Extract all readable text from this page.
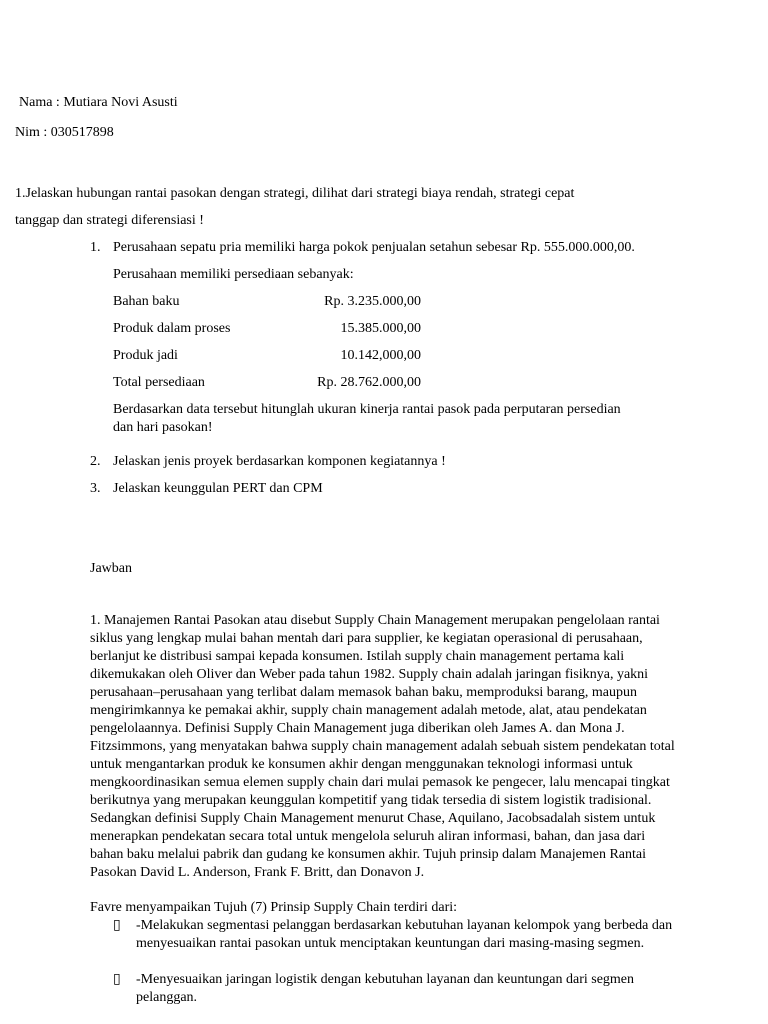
Nama : Mutiara Novi Asusti
Nim : 030517898
1.Jelaskan hubungan rantai pasokan dengan strategi, dilihat dari strategi biaya rendah, strategi cepat
tanggap dan strategi diferensiasi !
1. Perusahaan sepatu pria memiliki harga pokok penjualan setahun sebesar Rp. 555.000.000,00.
Perusahaan memiliki persediaan sebanyak:
Bahan baku	Rp. 3.235.000,00
Produk dalam proses	15.385.000,00
Produk jadi	10.142,000,00
Total persediaan	Rp. 28.762.000,00
Berdasarkan data tersebut hitunglah ukuran kinerja rantai pasok pada perputaran persedian
dan hari pasokan!
2. Jelaskan jenis proyek berdasarkan komponen kegiatannya !
3. Jelaskan keunggulan PERT dan CPM
Jawban
1. Manajemen Rantai Pasokan atau disebut Supply Chain Management merupakan pengelolaan rantai siklus yang lengkap mulai bahan mentah dari para supplier, ke kegiatan operasional di perusahaan, berlanjut ke distribusi sampai kepada konsumen. Istilah supply chain management pertama kali dikemukakan oleh Oliver dan Weber pada tahun 1982. Supply chain adalah jaringan fisiknya, yakni perusahaan–perusahaan yang terlibat dalam memasok bahan baku, memproduksi barang, maupun mengirimkannya ke pemakai akhir, supply chain management adalah metode, alat, atau pendekatan pengelolaannya. Definisi Supply Chain Management juga diberikan oleh James A. dan Mona J. Fitzsimmons, yang menyatakan bahwa supply chain management adalah sebuah sistem pendekatan total untuk mengantarkan produk ke konsumen akhir dengan menggunakan teknologi informasi untuk mengkoordinasikan semua elemen supply chain dari mulai pemasok ke pengecer, lalu mencapai tingkat berikutnya yang merupakan keunggulan kompetitif yang tidak tersedia di sistem logistik tradisional. Sedangkan definisi Supply Chain Management menurut Chase, Aquilano, Jacobsadalah sistem untuk menerapkan pendekatan secara total untuk mengelola seluruh aliran informasi, bahan, dan jasa dari bahan baku melalui pabrik dan gudang ke konsumen akhir. Tujuh prinsip dalam Manajemen Rantai Pasokan David L. Anderson, Frank F. Britt, dan Donavon J.
Favre menyampaikan Tujuh (7) Prinsip Supply Chain terdiri dari:
▯ -Melakukan segmentasi pelanggan berdasarkan kebutuhan layanan kelompok yang berbeda dan menyesuaikan rantai pasokan untuk menciptakan keuntungan dari masing-masing segmen.
▯ -Menyesuaikan jaringan logistik dengan kebutuhan layanan dan keuntungan dari segmen pelanggan.
